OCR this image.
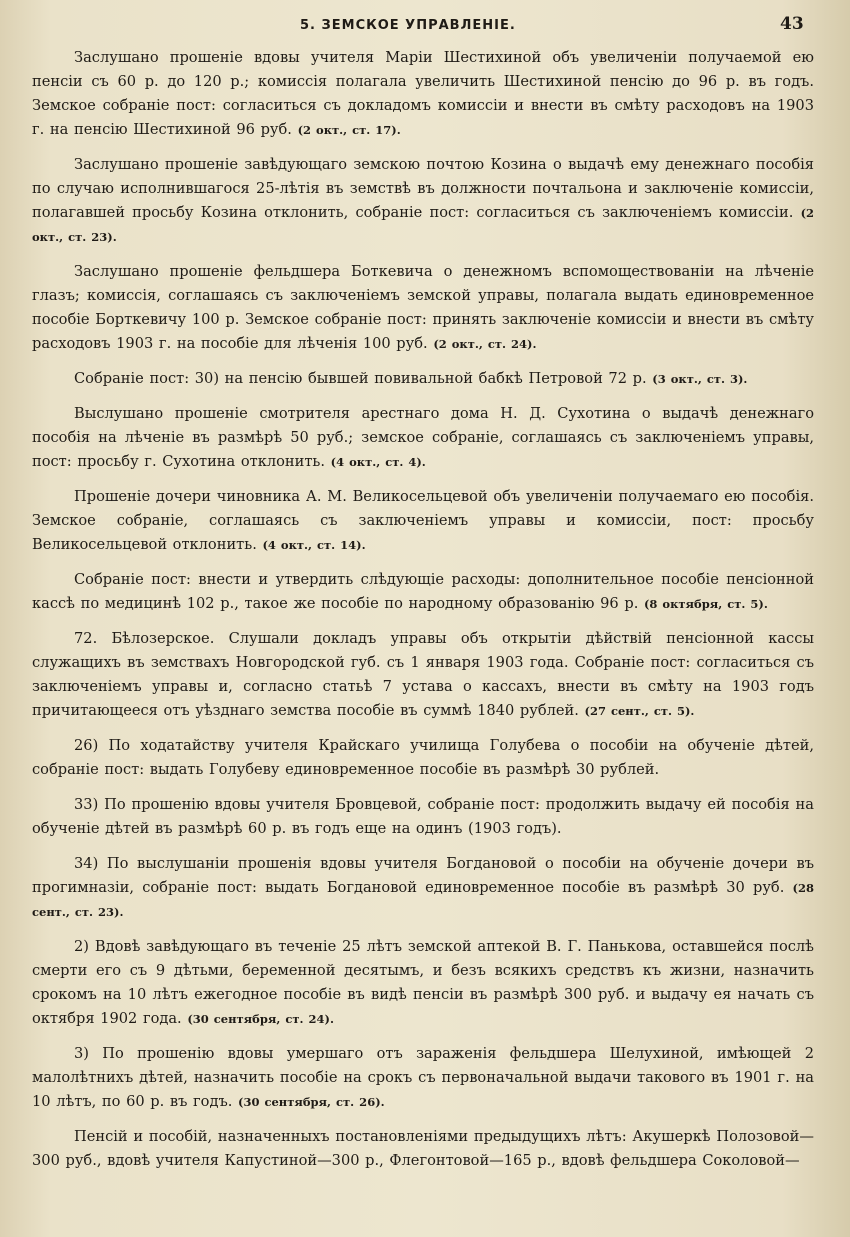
5. ЗЕМСКОЕ УПРАВЛЕНІЕ.	43

Заслушано прошеніе вдовы учителя Маріи Шестихиной объ увеличеніи получаемой ею пенсіи съ 60 р. до 120 р.; комиссія полагала увеличить Шестихиной пенсію до 96 р. въ годъ. Земское собраніе пост: согласиться съ докладомъ комиссіи и внести въ смѣту расходовъ на 1903 г. на пенсію Шестихиной 96 руб. (2 окт., ст. 17).

Заслушано прошеніе завѣдующаго земскою почтою Козина о выдачѣ ему денежнаго пособія по случаю исполнившагося 25-лѣтія въ земствѣ въ должности почтальона и заключеніе комиссіи, полагавшей просьбу Козина отклонить, собраніе пост: согласиться съ заключеніемъ комиссіи. (2 окт., ст. 23).

Заслушано прошеніе фельдшера Боткевича о денежномъ вспомоществованіи на лѣченіе глазъ; комиссія, соглашаясь съ заключеніемъ земской управы, полагала выдать единовременное пособіе Борткевичу 100 р. Земское собраніе пост: принять заключеніе комиссіи и внести въ смѣту расходовъ 1903 г. на пособіе для лѣченія 100 руб. (2 окт., ст. 24).

Собраніе пост: 30) на пенсію бывшей повивальной бабкѣ Петровой 72 р. (3 окт., ст. 3).

Выслушано прошеніе смотрителя арестнаго дома Н. Д. Сухотина о выдачѣ денежнаго пособія на лѣченіе въ размѣрѣ 50 руб.; земское собраніе, соглашаясь съ заключеніемъ управы, пост: просьбу г. Сухотина отклонить. (4 окт., ст. 4).

Прошеніе дочери чиновника А. М. Великосельцевой объ увеличеніи получаемаго ею пособія. Земское собраніе, соглашаясь съ заключеніемъ управы и комиссіи, пост: просьбу Великосельцевой отклонить. (4 окт., ст. 14).

Собраніе пост: внести и утвердить слѣдующіе расходы: дополнительное пособіе пенсіонной кассѣ по медицинѣ 102 р., такое же пособіе по народному образованію 96 р. (8 октября, ст. 5).

72. Бѣлозерское. Слушали докладъ управы объ открытіи дѣйствій пенсіонной кассы служащихъ въ земствахъ Новгородской губ. съ 1 января 1903 года. Собраніе пост: согласиться съ заключеніемъ управы и, согласно статьѣ 7 устава о кассахъ, внести въ смѣту на 1903 годъ причитающееся отъ уѣзднаго земства пособіе въ суммѣ 1840 рублей. (27 сент., ст. 5).

26) По ходатайству учителя Крайскаго училища Голубева о пособіи на обученіе дѣтей, собраніе пост: выдать Голубеву единовременное пособіе въ размѣрѣ 30 рублей.

33) По прошенію вдовы учителя Бровцевой, собраніе пост: продолжить выдачу ей пособія на обученіе дѣтей въ размѣрѣ 60 р. въ годъ еще на одинъ (1903 годъ).

34) По выслушаніи прошенія вдовы учителя Богдановой о пособіи на обученіе дочери въ прогимназіи, собраніе пост: выдать Богдановой единовременное пособіе въ размѣрѣ 30 руб. (28 сент., ст. 23).

2) Вдовѣ завѣдующаго въ теченіе 25 лѣтъ земской аптекой В. Г. Панькова, оставшейся послѣ смерти его съ 9 дѣтьми, беременной десятымъ, и безъ всякихъ средствъ къ жизни, назначить срокомъ на 10 лѣтъ ежегодное пособіе въ видѣ пенсіи въ размѣрѣ 300 руб. и выдачу ея начать съ октября 1902 года. (30 сентября, ст. 24).

3) По прошенію вдовы умершаго отъ зараженія фельдшера Шелухиной, имѣющей 2 малолѣтнихъ дѣтей, назначить пособіе на срокъ съ первоначальной выдачи такового въ 1901 г. на 10 лѣтъ, по 60 р. въ годъ. (30 сентября, ст. 26).

Пенсій и пособій, назначенныхъ постановленіями предыдущихъ лѣтъ: Акушеркѣ Полозовой—300 руб., вдовѣ учителя Капустиной—300 р., Флегонтовой—165 р., вдовѣ фельдшера Соколовой—
